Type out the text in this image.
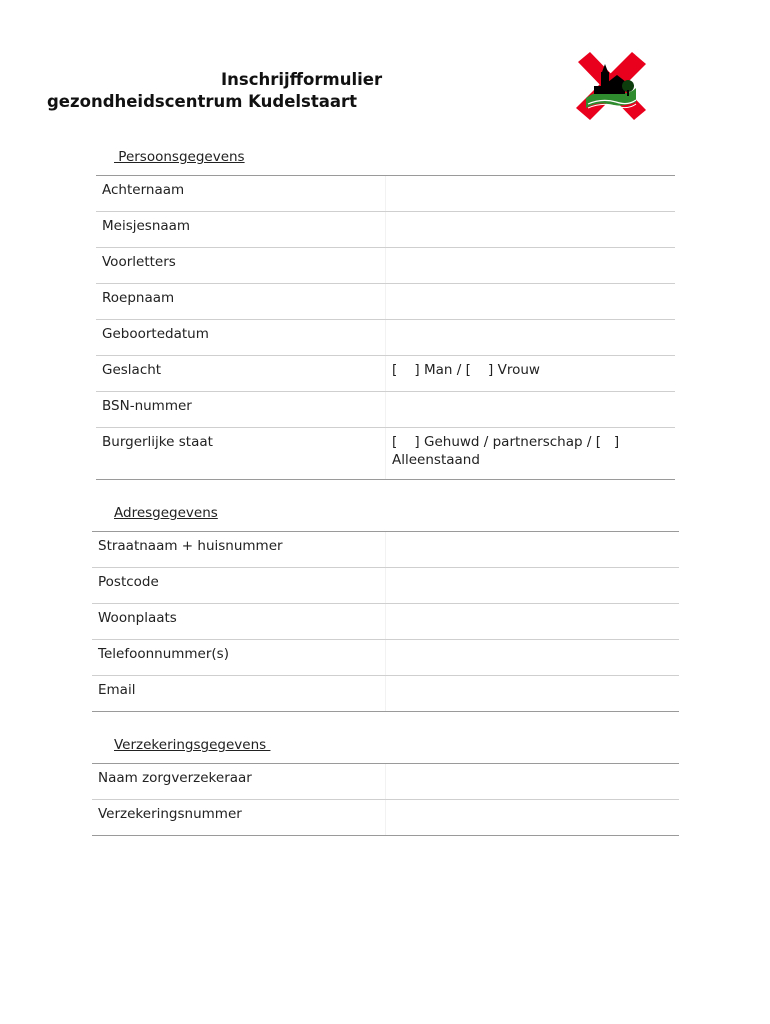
Inschrijfformulier
gezondheidscentrum Kudelstaart
Persoonsgegevens
Achternaam	
Meisjesnaam	
Voorletters	
Roepnaam	
Geboortedatum	
Geslacht	[    ] Man / [    ] Vrouw
BSN-nummer	
Burgerlijke staat	[    ] Gehuwd / partnerschap / [   ] Alleenstaand
Adresgegevens
Straatnaam + huisnummer	
Postcode	
Woonplaats	
Telefoonnummer(s)	
Email	
Verzekeringsgegevens
Naam zorgverzekeraar	
Verzekeringsnummer	
